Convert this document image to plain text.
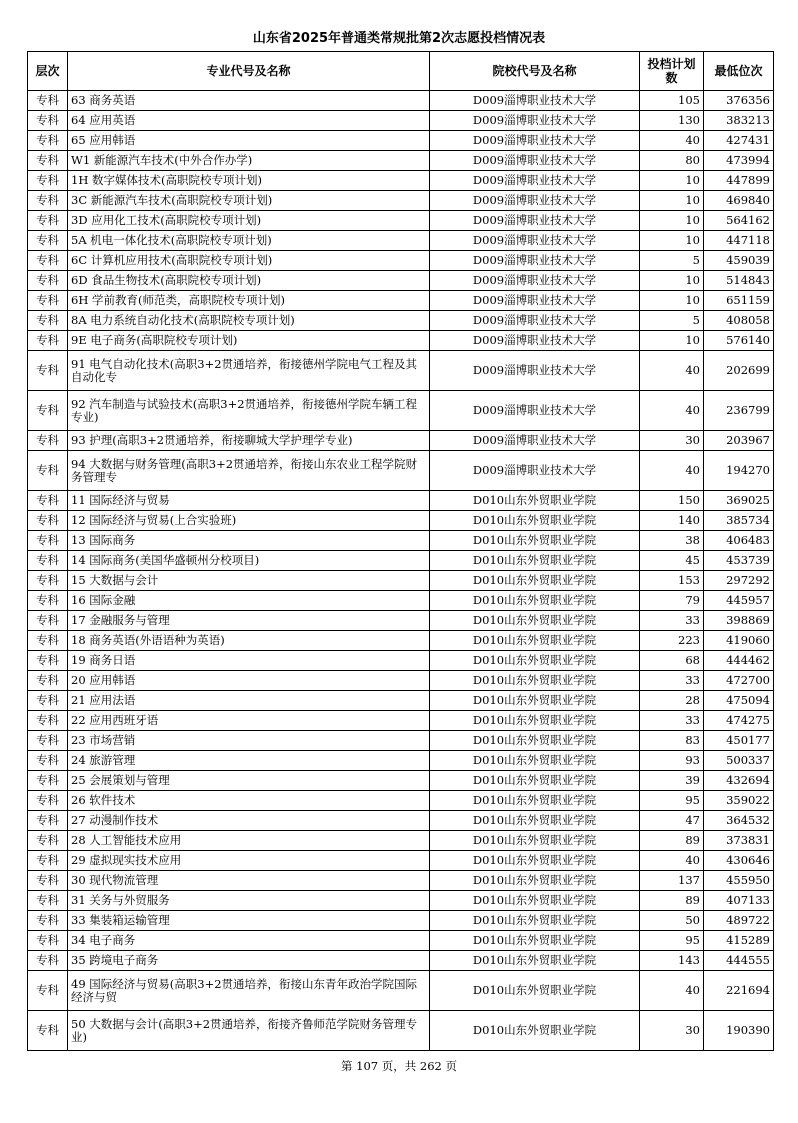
山东省2025年普通类常规批第2次志愿投档情况表
层次	专业代号及名称	院校代号及名称	投档计划数	最低位次
专科	63 商务英语	D009淄博职业技术大学	105	376356
专科	64 应用英语	D009淄博职业技术大学	130	383213
专科	65 应用韩语	D009淄博职业技术大学	40	427431
专科	W1 新能源汽车技术(中外合作办学)	D009淄博职业技术大学	80	473994
专科	1H 数字媒体技术(高职院校专项计划)	D009淄博职业技术大学	10	447899
专科	3C 新能源汽车技术(高职院校专项计划)	D009淄博职业技术大学	10	469840
专科	3D 应用化工技术(高职院校专项计划)	D009淄博职业技术大学	10	564162
专科	5A 机电一体化技术(高职院校专项计划)	D009淄博职业技术大学	10	447118
专科	6C 计算机应用技术(高职院校专项计划)	D009淄博职业技术大学	5	459039
专科	6D 食品生物技术(高职院校专项计划)	D009淄博职业技术大学	10	514843
专科	6H 学前教育(师范类，高职院校专项计划)	D009淄博职业技术大学	10	651159
专科	8A 电力系统自动化技术(高职院校专项计划)	D009淄博职业技术大学	5	408058
专科	9E 电子商务(高职院校专项计划)	D009淄博职业技术大学	10	576140
专科	91 电气自动化技术(高职3+2贯通培养，衔接德州学院电气工程及其自动化专	D009淄博职业技术大学	40	202699
专科	92 汽车制造与试验技术(高职3+2贯通培养，衔接德州学院车辆工程专业)	D009淄博职业技术大学	40	236799
专科	93 护理(高职3+2贯通培养，衔接聊城大学护理学专业)	D009淄博职业技术大学	30	203967
专科	94 大数据与财务管理(高职3+2贯通培养，衔接山东农业工程学院财务管理专	D009淄博职业技术大学	40	194270
专科	11 国际经济与贸易	D010山东外贸职业学院	150	369025
专科	12 国际经济与贸易(上合实验班)	D010山东外贸职业学院	140	385734
专科	13 国际商务	D010山东外贸职业学院	38	406483
专科	14 国际商务(美国华盛顿州分校项目)	D010山东外贸职业学院	45	453739
专科	15 大数据与会计	D010山东外贸职业学院	153	297292
专科	16 国际金融	D010山东外贸职业学院	79	445957
专科	17 金融服务与管理	D010山东外贸职业学院	33	398869
专科	18 商务英语(外语语种为英语)	D010山东外贸职业学院	223	419060
专科	19 商务日语	D010山东外贸职业学院	68	444462
专科	20 应用韩语	D010山东外贸职业学院	33	472700
专科	21 应用法语	D010山东外贸职业学院	28	475094
专科	22 应用西班牙语	D010山东外贸职业学院	33	474275
专科	23 市场营销	D010山东外贸职业学院	83	450177
专科	24 旅游管理	D010山东外贸职业学院	93	500337
专科	25 会展策划与管理	D010山东外贸职业学院	39	432694
专科	26 软件技术	D010山东外贸职业学院	95	359022
专科	27 动漫制作技术	D010山东外贸职业学院	47	364532
专科	28 人工智能技术应用	D010山东外贸职业学院	89	373831
专科	29 虚拟现实技术应用	D010山东外贸职业学院	40	430646
专科	30 现代物流管理	D010山东外贸职业学院	137	455950
专科	31 关务与外贸服务	D010山东外贸职业学院	89	407133
专科	33 集装箱运输管理	D010山东外贸职业学院	50	489722
专科	34 电子商务	D010山东外贸职业学院	95	415289
专科	35 跨境电子商务	D010山东外贸职业学院	143	444555
专科	49 国际经济与贸易(高职3+2贯通培养，衔接山东青年政治学院国际经济与贸	D010山东外贸职业学院	40	221694
专科	50 大数据与会计(高职3+2贯通培养，衔接齐鲁师范学院财务管理专业)	D010山东外贸职业学院	30	190390
第 107 页，共 262 页
